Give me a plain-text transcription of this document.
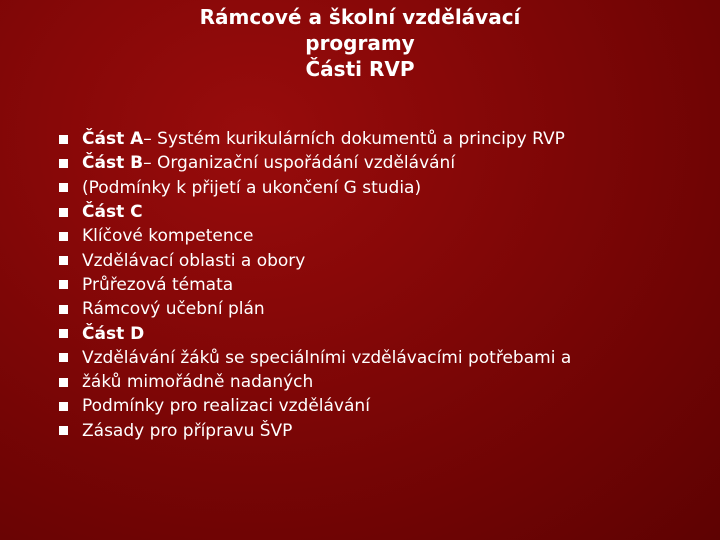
Rámcové a školní vzdělávací
programy
Části RVP
Část A – Systém kurikulárních dokumentů a principy RVP
Část B – Organizační uspořádání vzdělávání
(Podmínky k přijetí a ukončení G studia)
Část C
Klíčové kompetence
Vzdělávací oblasti a obory
Průřezová témata
Rámcový učební plán
Část D
Vzdělávání žáků se speciálními vzdělávacími potřebami a
žáků mimořádně nadaných
Podmínky pro realizaci vzdělávání
Zásady pro přípravu ŠVP
